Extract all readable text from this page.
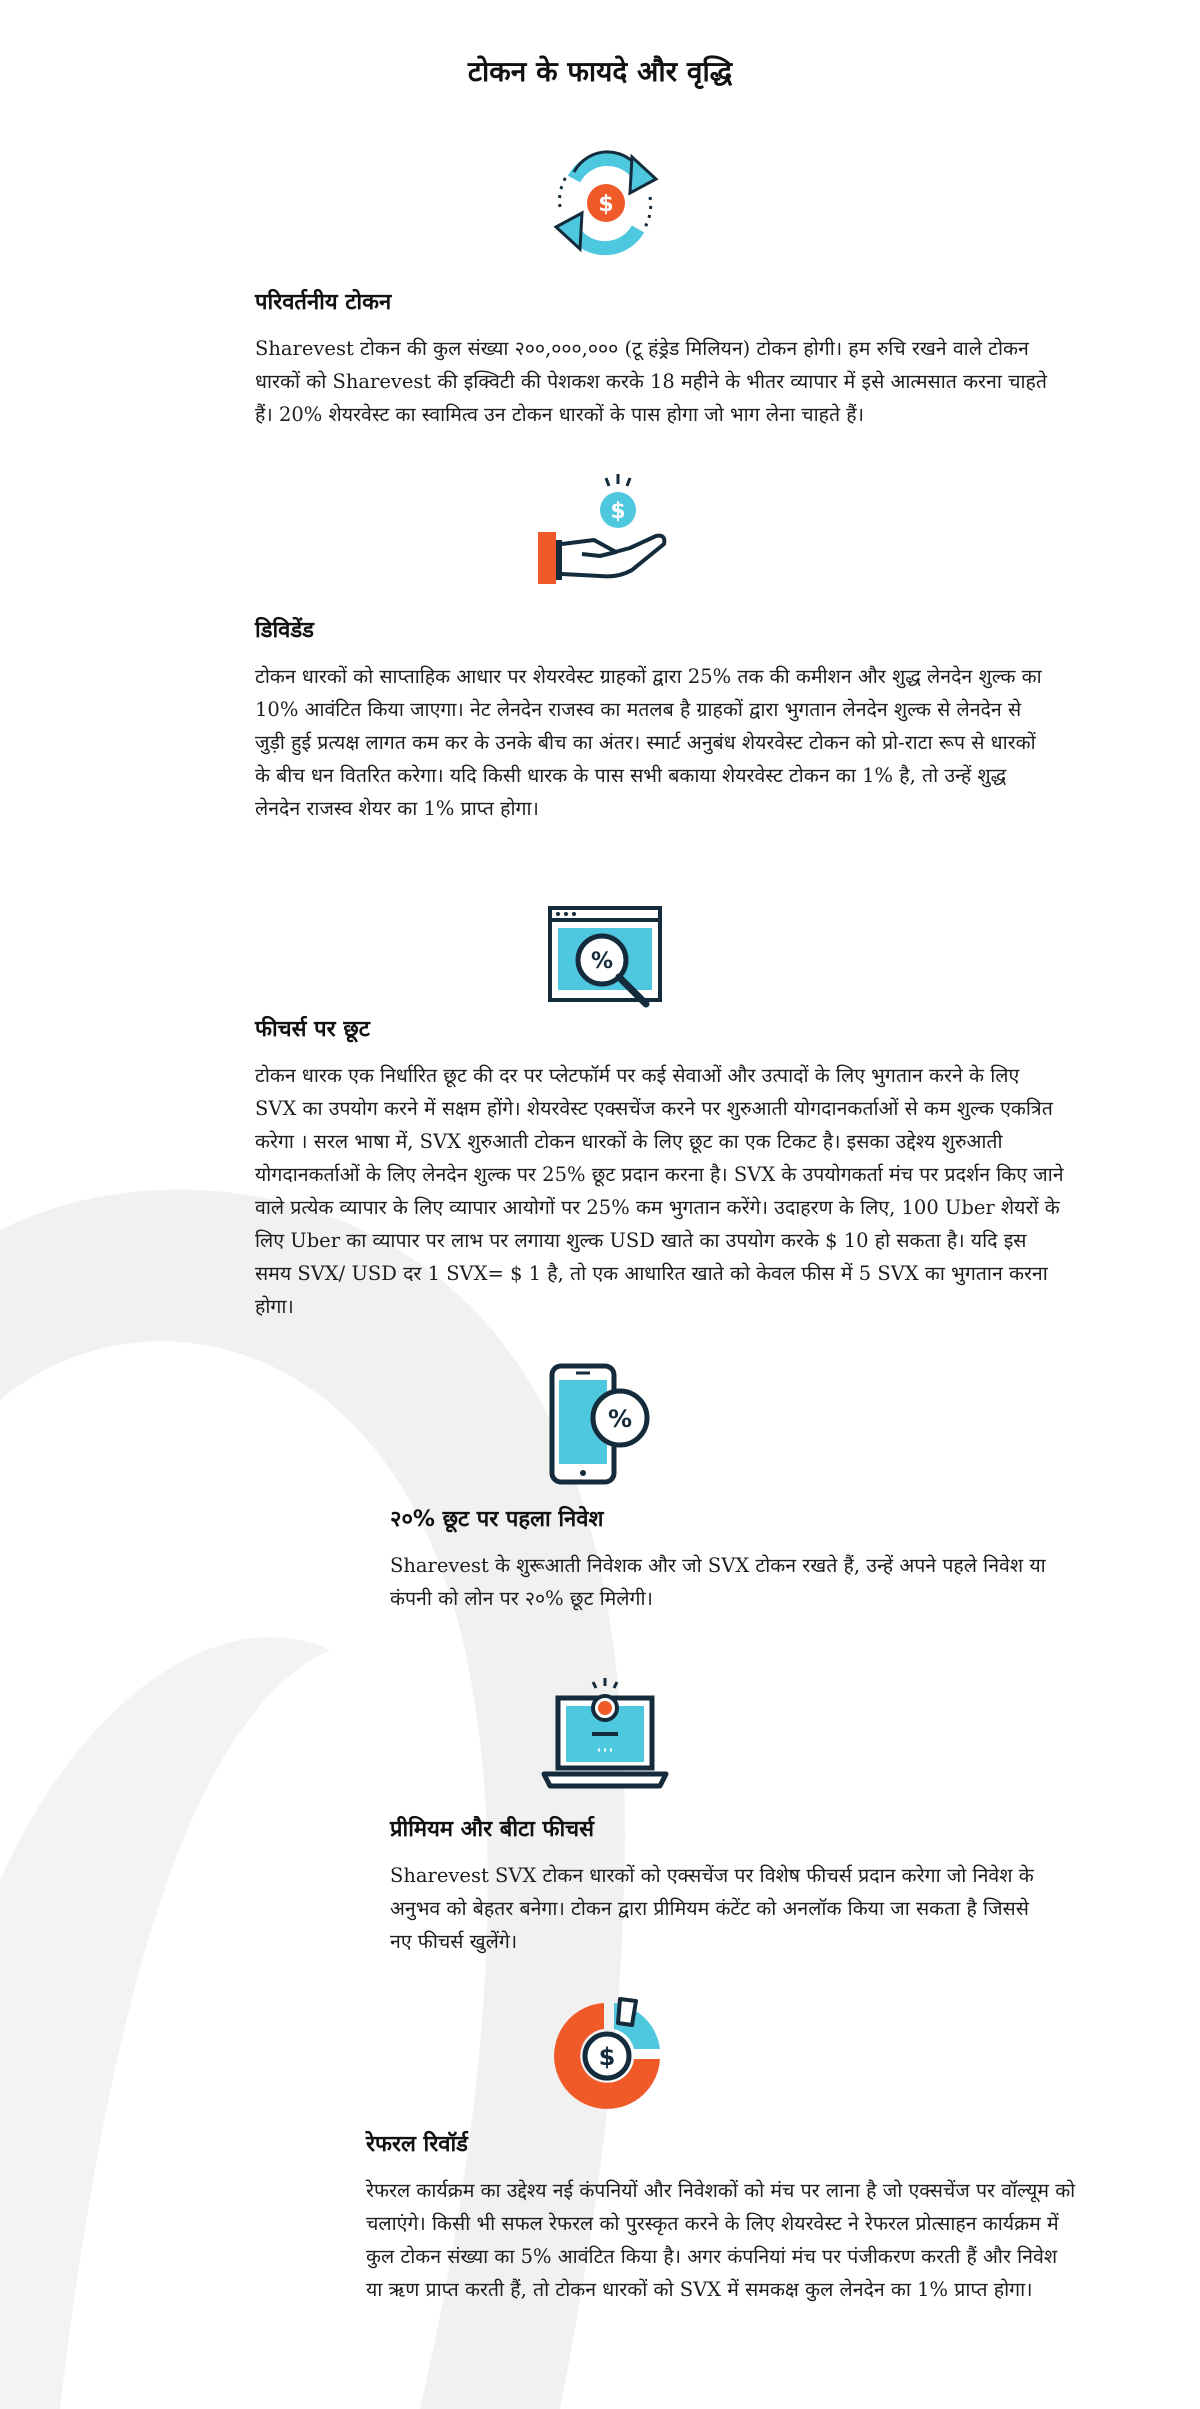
टोकन के फायदे और वृद्धि
$
परिवर्तनीय टोकन

Sharevest टोकन की कुल संख्या २००,०००,००० (टू हंड्रेड मिलियन) टोकन होगी। हम रुचि रखने वाले टोकन धारकों को Sharevest की इक्विटी की पेशकश करके 18 महीने के भीतर व्यापार में इसे आत्मसात करना चाहते हैं। 20% शेयरवेस्ट का स्वामित्व उन टोकन धारकों के पास होगा जो भाग लेना चाहते हैं।

$
डिविडेंड

टोकन धारकों को साप्ताहिक आधार पर शेयरवेस्ट ग्राहकों द्वारा 25% तक की कमीशन और शुद्ध लेनदेन शुल्क का 10% आवंटित किया जाएगा। नेट लेनदेन राजस्व का मतलब है ग्राहकों द्वारा भुगतान लेनदेन शुल्क से लेनदेन से जुड़ी हुई प्रत्यक्ष लागत कम कर के उनके बीच का अंतर। स्मार्ट अनुबंध शेयरवेस्ट टोकन को प्रो-राटा रूप से धारकों के बीच धन वितरित करेगा। यदि किसी धारक के पास सभी बकाया शेयरवेस्ट टोकन का 1% है, तो उन्हें शुद्ध लेनदेन राजस्व शेयर का 1% प्राप्त होगा।

%
फीचर्स पर छूट

टोकन धारक एक निर्धारित छूट की दर पर प्लेटफॉर्म पर कई सेवाओं और उत्पादों के लिए भुगतान करने के लिए SVX का उपयोग करने में सक्षम होंगे। शेयरवेस्ट एक्सचेंज करने पर शुरुआती योगदानकर्ताओं से कम शुल्क एकत्रित करेगा । सरल भाषा में, SVX शुरुआती टोकन धारकों के लिए छूट का एक टिकट है। इसका उद्देश्य शुरुआती योगदानकर्ताओं के लिए लेनदेन शुल्क पर 25% छूट प्रदान करना है। SVX के उपयोगकर्ता मंच पर प्रदर्शन किए जाने वाले प्रत्येक व्यापार के लिए व्यापार आयोगों पर 25% कम भुगतान करेंगे। उदाहरण के लिए, 100 Uber शेयरों के लिए Uber का व्यापार पर लाभ पर लगाया शुल्क USD खाते का उपयोग करके $ 10 हो सकता है। यदि इस समय SVX/ USD दर 1 SVX= $ 1 है, तो एक आधारित खाते को केवल फीस में 5 SVX का भुगतान करना होगा।

%
२०% छूट पर पहला निवेश

Sharevest के शुरूआती निवेशक और जो SVX टोकन रखते हैं, उन्हें अपने पहले निवेश या कंपनी को लोन पर २०% छूट मिलेगी।

प्रीमियम और बीटा फीचर्स

Sharevest SVX टोकन धारकों को एक्सचेंज पर विशेष फीचर्स प्रदान करेगा जो निवेश के अनुभव को बेहतर बनेगा। टोकन द्वारा प्रीमियम कंटेंट को अनलॉक किया जा सकता है जिससे नए फीचर्स खुलेंगे।

$
रेफरल रिवॉर्ड

रेफरल कार्यक्रम का उद्देश्य नई कंपनियों और निवेशकों को मंच पर लाना है जो एक्सचेंज पर वॉल्यूम को चलाएंगे। किसी भी सफल रेफरल को पुरस्कृत करने के लिए शेयरवेस्ट ने रेफरल प्रोत्साहन कार्यक्रम में कुल टोकन संख्या का 5% आवंटित किया है। अगर कंपनियां मंच पर पंजीकरण करती हैं और निवेश या ऋण प्राप्त करती हैं, तो टोकन धारकों को SVX में समकक्ष कुल लेनदेन का 1% प्राप्त होगा।
